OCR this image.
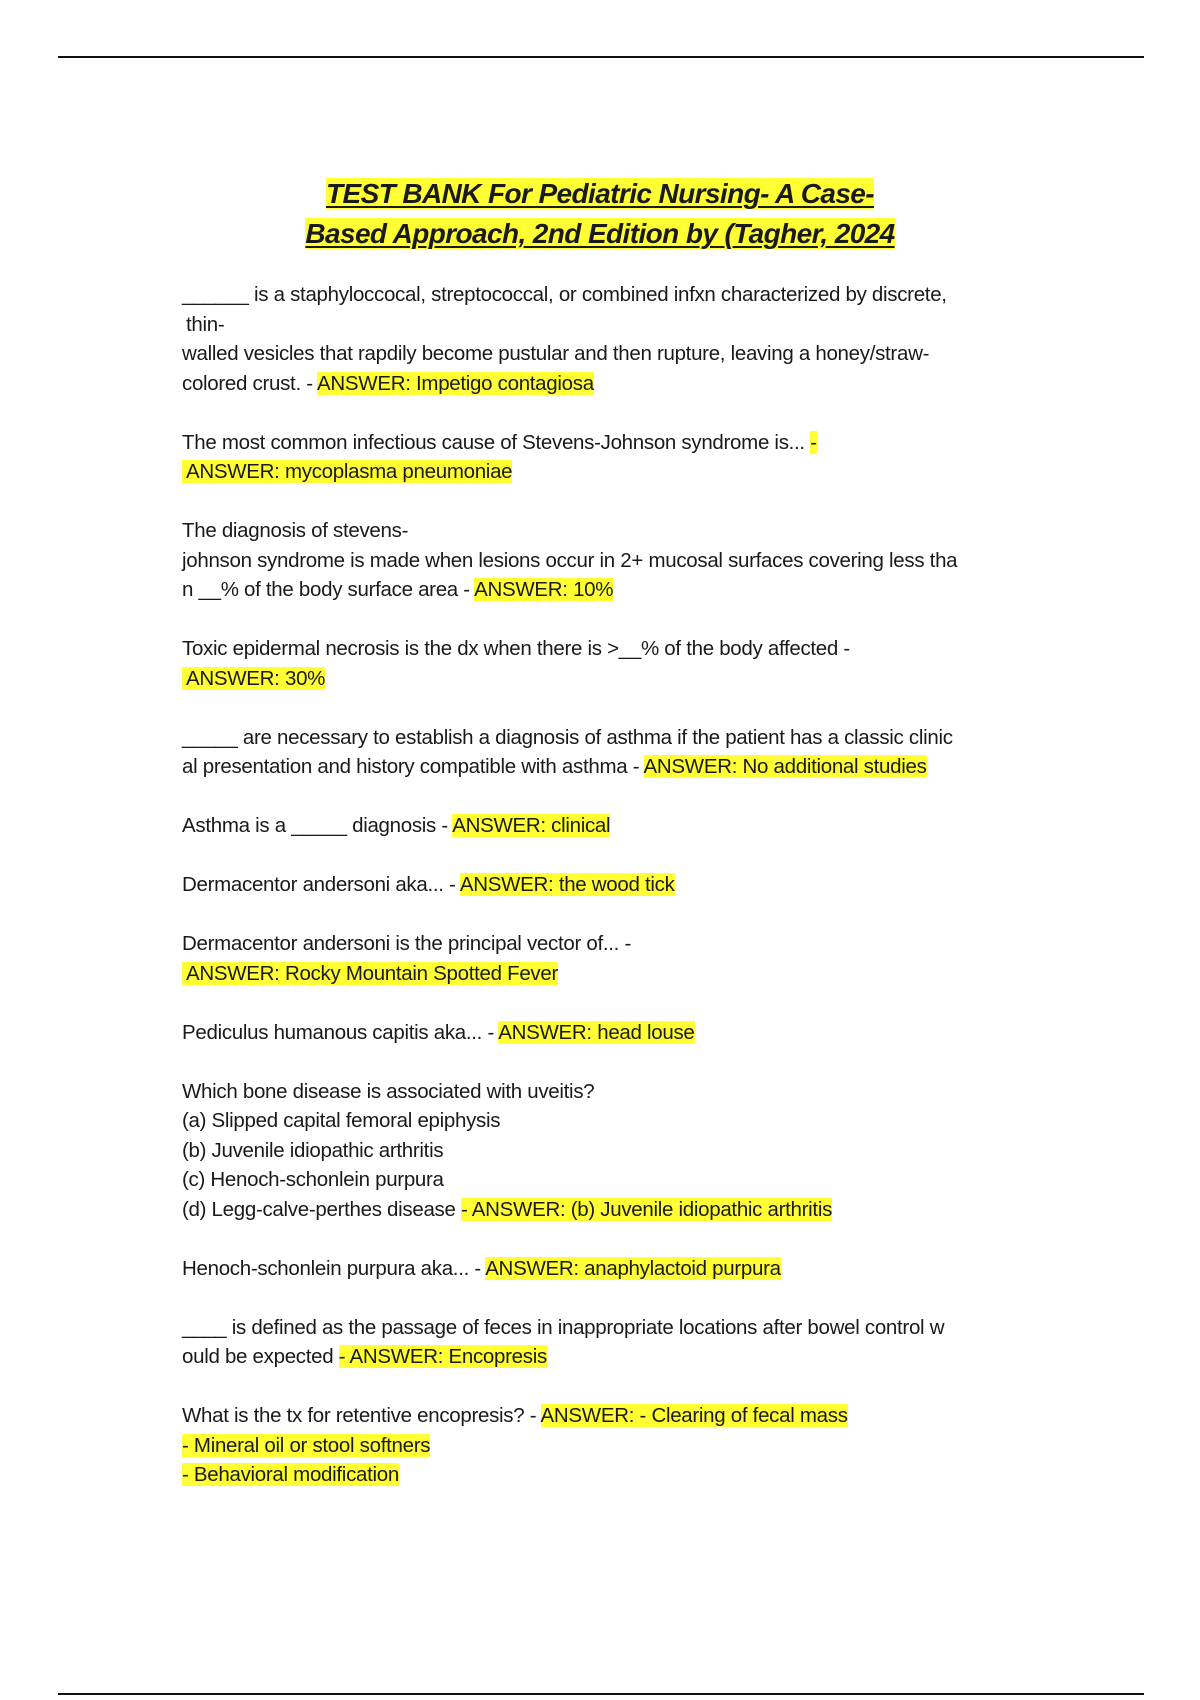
TEST BANK For Pediatric Nursing- A Case-
Based Approach, 2nd Edition by (Tagher, 2024
______ is a staphyloccocal, streptococcal, or combined infxn characterized by discrete,
thin-
walled vesicles that rapdily become pustular and then rupture, leaving a honey/straw-
colored crust. - ANSWER: Impetigo contagiosa
The most common infectious cause of Stevens-Johnson syndrome is... -
ANSWER: mycoplasma pneumoniae
The diagnosis of stevens-
johnson syndrome is made when lesions occur in 2+ mucosal surfaces covering less tha
n __% of the body surface area - ANSWER: 10%
Toxic epidermal necrosis is the dx when there is >__% of the body affected -
ANSWER: 30%
_____ are necessary to establish a diagnosis of asthma if the patient has a classic clinic
al presentation and history compatible with asthma - ANSWER: No additional studies
Asthma is a _____ diagnosis - ANSWER: clinical
Dermacentor andersoni aka... - ANSWER: the wood tick
Dermacentor andersoni is the principal vector of... -
ANSWER: Rocky Mountain Spotted Fever
Pediculus humanous capitis aka... - ANSWER: head louse
Which bone disease is associated with uveitis?
(a) Slipped capital femoral epiphysis
(b) Juvenile idiopathic arthritis
(c) Henoch-schonlein purpura
(d) Legg-calve-perthes disease - ANSWER: (b) Juvenile idiopathic arthritis
Henoch-schonlein purpura aka... - ANSWER: anaphylactoid purpura
____ is defined as the passage of feces in inappropriate locations after bowel control w
ould be expected - ANSWER: Encopresis
What is the tx for retentive encopresis? - ANSWER: - Clearing of fecal mass
- Mineral oil or stool softners
- Behavioral modification
